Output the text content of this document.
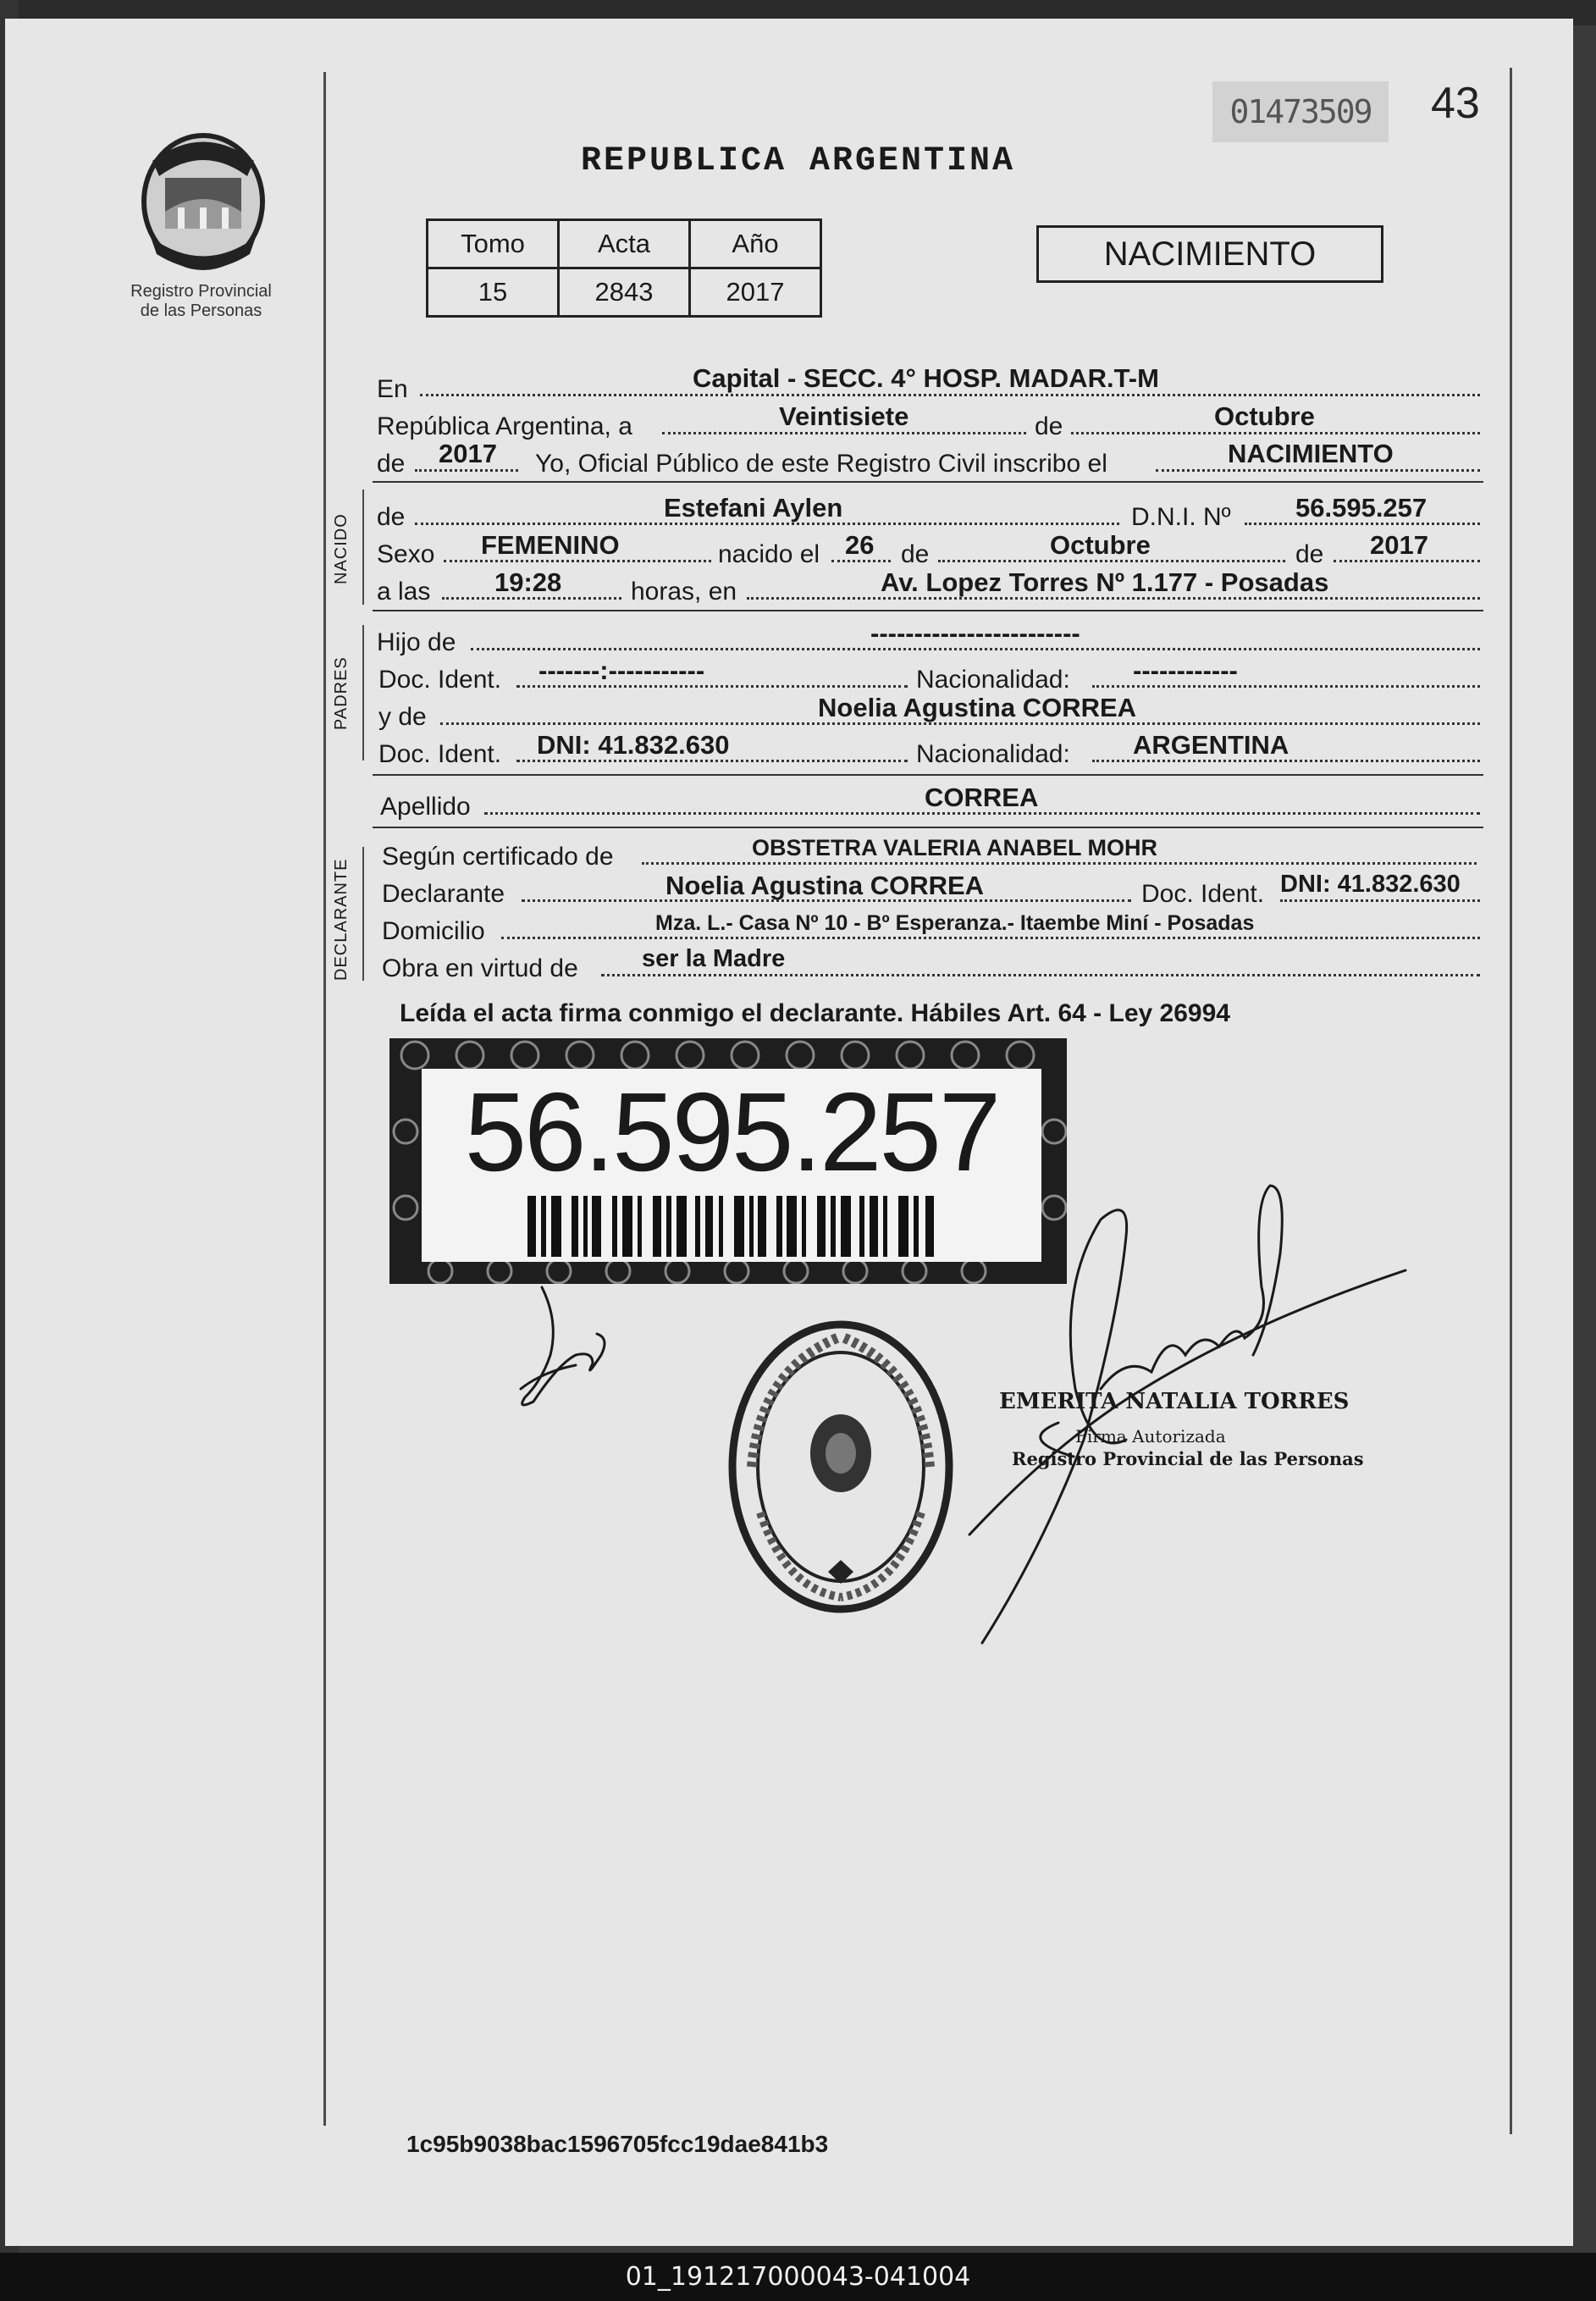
Registro Provincial
de las Personas
01473509	43
REPUBLICA ARGENTINA
Tomo	Acta	Año
15	2843	2017
NACIMIENTO
En	Capital - SECC. 4° HOSP. MADAR.T-M
República Argentina, a	Veintisiete	de	Octubre
de 2017 Yo, Oficial Público de este Registro Civil inscribo el	NACIMIENTO
NACIDO de	Estefani Aylen	D.N.I. Nº 56.595.257
Sexo FEMENINO	nacido el 26 de	Octubre	de 2017
a las 19:28	horas, en	Av. Lopez Torres Nº 1.177 - Posadas
PADRES
Hijo de	------------------------
Doc. Ident. -------:-----------	Nacionalidad: ------------
y de	Noelia Agustina CORREA
Doc. Ident. DNI: 41.832.630	Nacionalidad: ARGENTINA
Apellido	CORREA
DECLARANTE
Según certificado de	OBSTETRA VALERIA ANABEL MOHR
Declarante	Noelia Agustina CORREA	Doc. Ident. DNI: 41.832.630
Domicilio	Mza. L.- Casa Nº 10 - Bº Esperanza.- Itaembe Miní - Posadas
Obra en virtud de	ser la Madre
Leída el acta firma conmigo el declarante. Hábiles Art. 64 - Ley 26994
56.595.257
EMERITA NATALIA TORRES
Firma Autorizada
Registro Provincial de las Personas
1c95b9038bac1596705fcc19dae841b3
01_191217000043-041004
